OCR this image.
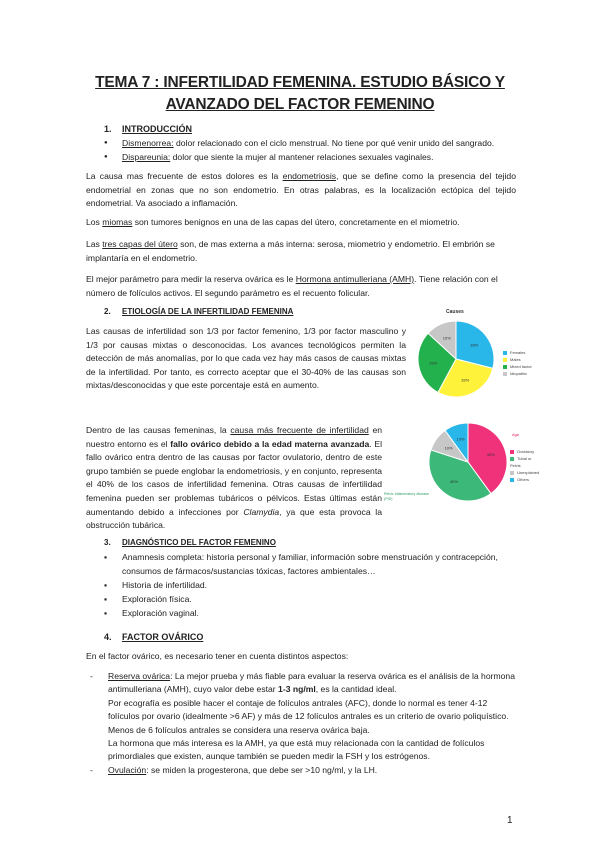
TEMA 7 : INFERTILIDAD FEMENINA. ESTUDIO BÁSICO Y
AVANZADO DEL FACTOR FEMENINO
1. INTRODUCCIÓN
● Dismenorrea: dolor relacionado con el ciclo menstrual. No tiene por qué venir unido del sangrado.
● Dispareunia: dolor que siente la mujer al mantener relaciones sexuales vaginales.
La causa mas frecuente de estos dolores es la endometriosis, que se define como la presencia del tejido endometrial en zonas que no son endometrio. En otras palabras, es la localización ectópica del tejido endometrial. Va asociado a inflamación.
Los miomas son tumores benignos en una de las capas del útero, concretamente en el miometrio.
Las tres capas del útero son, de mas externa a más interna: serosa, miometrio y endometrio. El embrión se implantaría en el endometrio.
El mejor parámetro para medir la reserva ovárica es le Hormona antimulleriana (AMH). Tiene relación con el número de folículos activos. El segundo parámetro es el recuento folicular.
2. ETIOLOGÍA DE LA INFERTILIDAD FEMENINA
Las causas de infertilidad son 1/3 por factor femenino, 1/3 por factor masculino y 1/3 por causas mixtas o desconocidas. Los avances tecnológicos permiten la detección de más anomalías, por lo que cada vez hay más casos de causas mixtas de la infertilidad. Por tanto, es correcto aceptar que el 30-40% de las causas son mixtas/desconocidas y que este porcentaje está en aumento.
Causes
33%
33%
33%
15%
Females
Males
Mixed factor
Idiopathic
Dentro de las causas femeninas, la causa más frecuente de infertilidad en nuestro entorno es el fallo ovárico debido a la edad materna avanzada. El fallo ovárico entra dentro de las causas por factor ovulatorio, dentro de este grupo también se puede englobar la endometriosis, y en conjunto, representa el 40% de los casos de infertilidad femenina. Otras causas de infertilidad femenina pueden ser problemas tubáricos o pélvicos. Estas últimas están aumentando debido a infecciones por Clamydia, ya que esta provoca la obstrucción tubárica.
40%
40%
10%
10%
Age
Pelvic Inflammatory disease (PID)
Ovulatory
Tubal or Pelvis
Unexplained
Others
3. DIAGNÓSTICO DEL FACTOR FEMENINO
▪ Anamnesis completa: historia personal y familiar, información sobre menstruación y contracepción, consumos de fármacos/sustancias tóxicas, factores ambientales…
▪ Historia de infertilidad.
▪ Exploración física.
▪ Exploración vaginal.
4. FACTOR OVÁRICO
En el factor ovárico, es necesario tener en cuenta distintos aspectos:
- Reserva ovárica: La mejor prueba y más fiable para evaluar la reserva ovárica es el análisis de la hormona antimulleriana (AMH), cuyo valor debe estar 1-3 ng/ml, es la cantidad ideal.
Por ecografía es posible hacer el contaje de folículos antrales (AFC), donde lo normal es tener 4-12 folículos por ovario (idealmente >6 AF) y más de 12 folículos antrales es un criterio de ovario poliquístico. Menos de 6 folículos antrales se considera una reserva ovárica baja.
La hormona que más interesa es la AMH, ya que está muy relacionada con la cantidad de folículos primordiales que existen, aunque también se pueden medir la FSH y los estrógenos.
- Ovulación: se miden la progesterona, que debe ser >10 ng/ml, y la LH.
1
